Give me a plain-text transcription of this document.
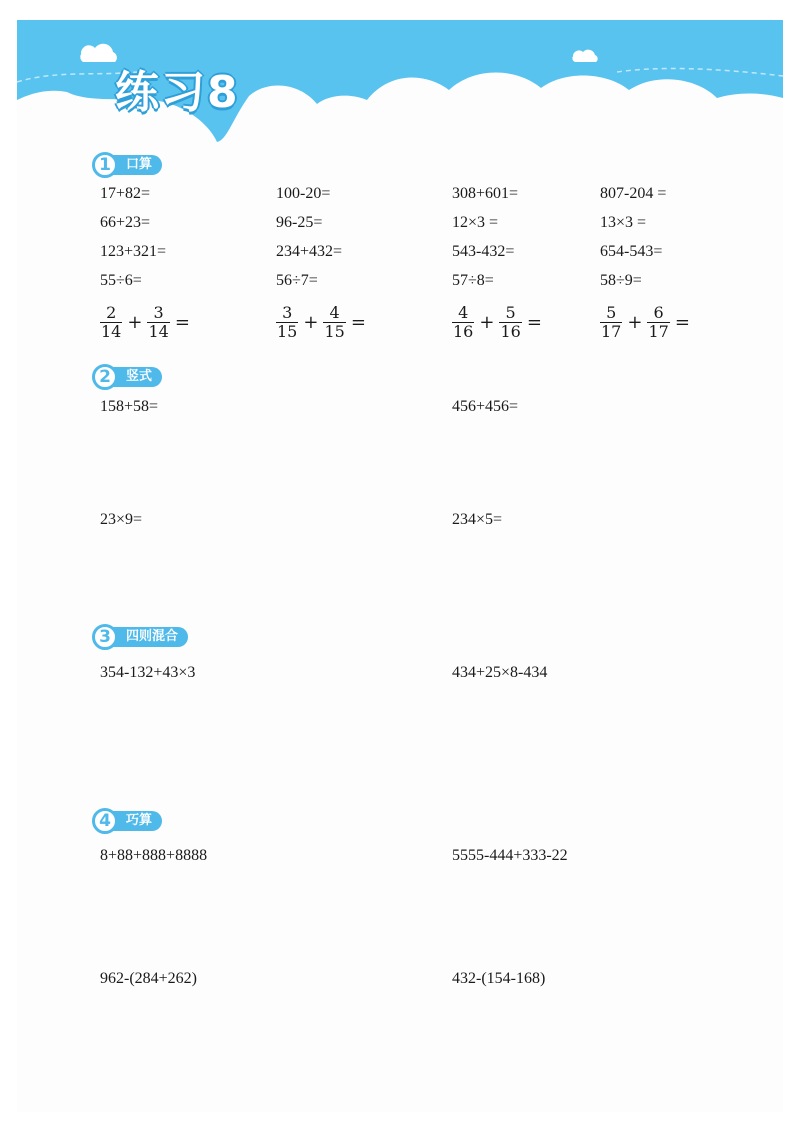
练习8
1	口算
17+82=	100-20=	308+601=	807-204 =
66+23=	96-25=	12×3 =	13×3 =
123+321=	234+432=	543-432=	654-543=
55÷6=	56÷7=	57÷8=	58÷9=
$\frac{2}{14} + \frac{3}{14}$ =	$\frac{3}{15} + \frac{4}{15}$ =	$\frac{4}{16} + \frac{5}{16}$ =	$\frac{5}{17} + \frac{6}{17}$ =
2	竖式
158+58=	456+456=
23×9=	234×5=
3	四则混合
354-132+43×3	434+25×8-434
4	巧算
8+88+888+8888	5555-444+333-22
962-(284+262)	432-(154-168)
